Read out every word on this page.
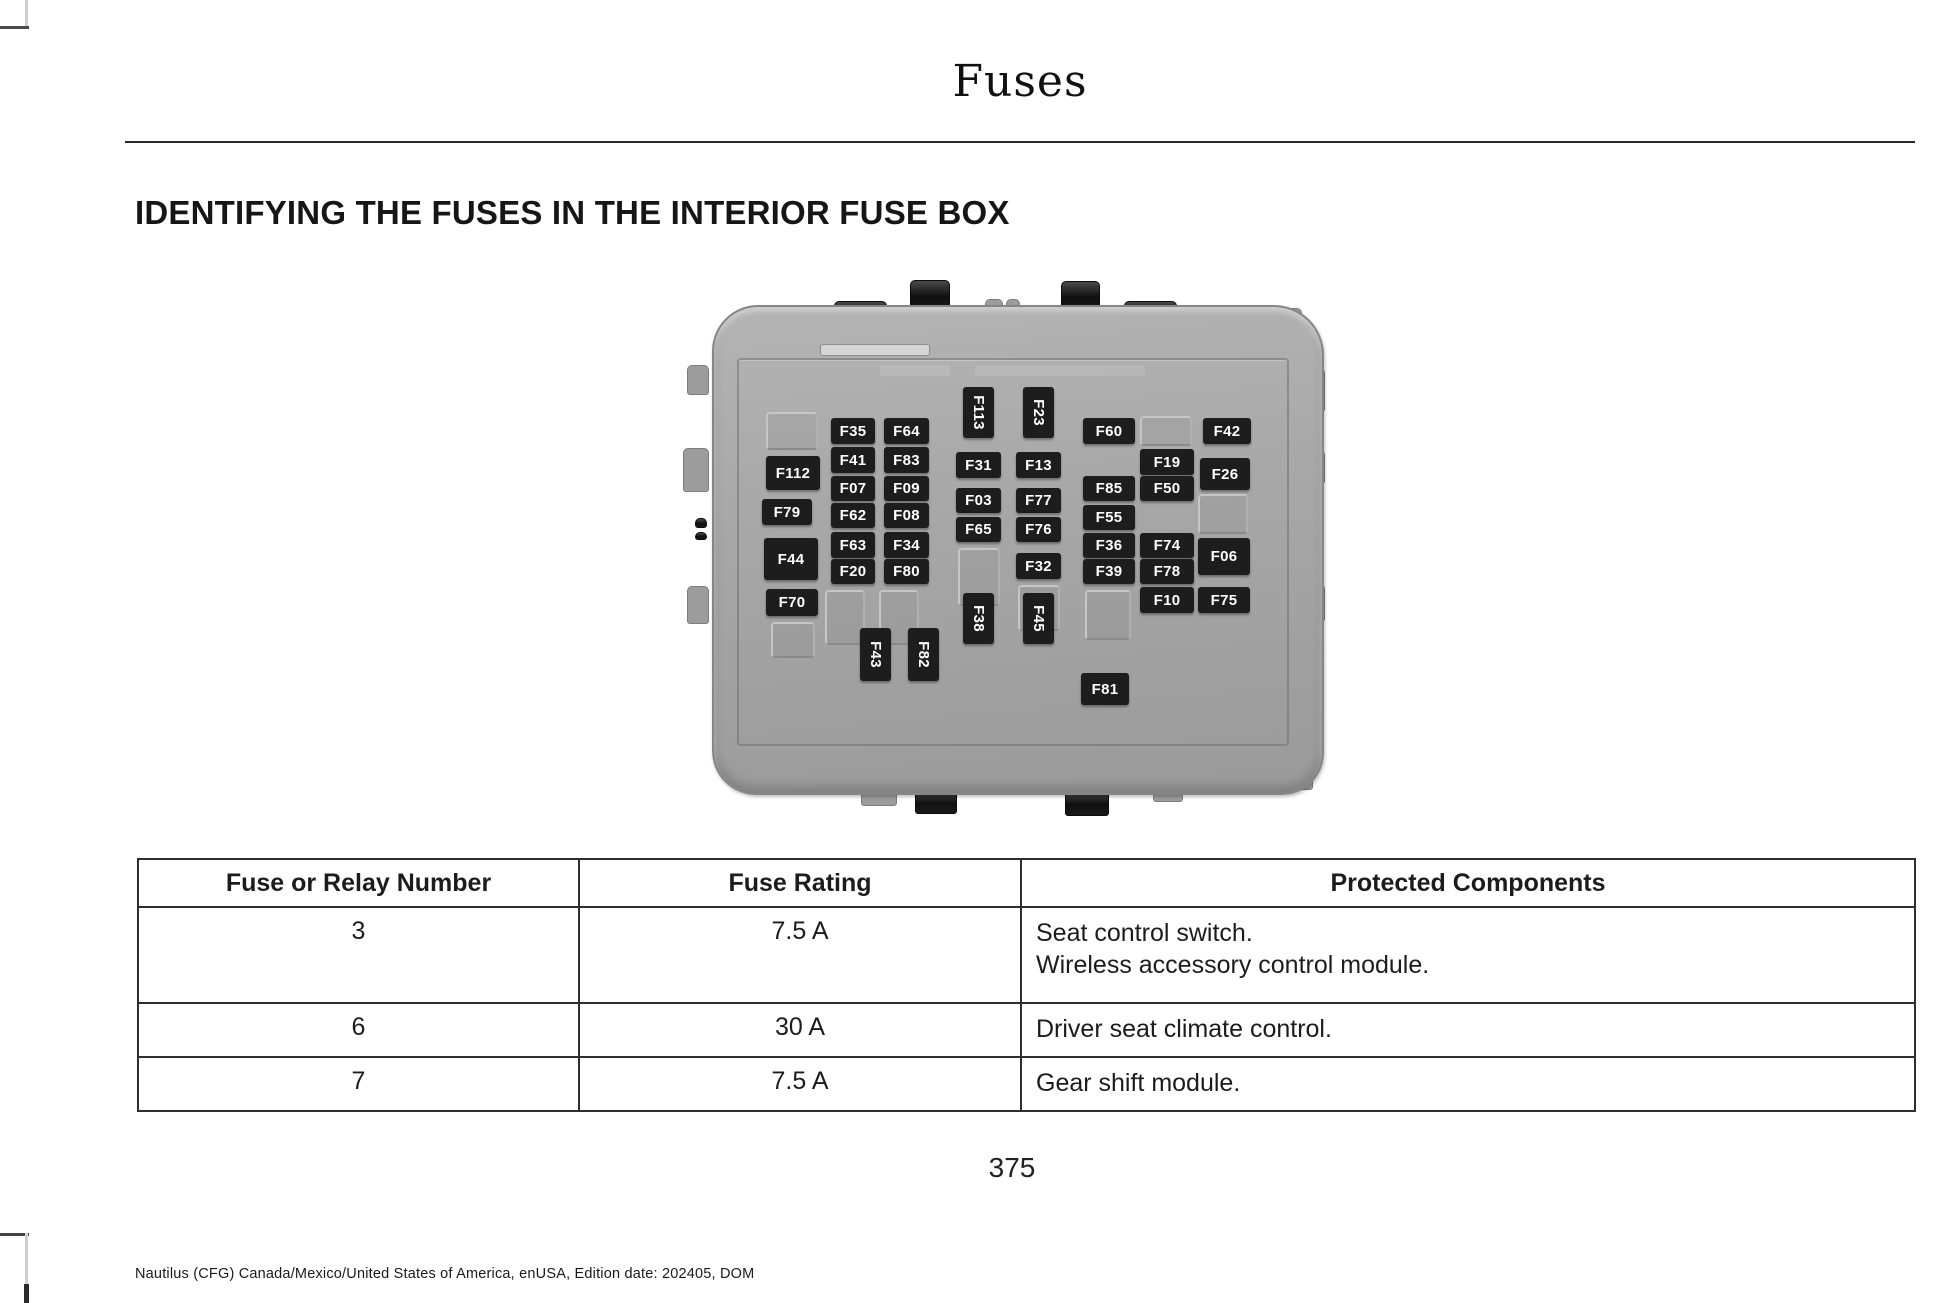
Fuses
IDENTIFYING THE FUSES IN THE INTERIOR FUSE BOX
F112
F79
F44
F70
F35 F64
F41 F83
F07 F09
F62 F08
F63 F34
F20 F80
F113	F23
F31 F13
F03 F77
F65 F76
F32
F38	F45
F43 F82
F60	F42
F19
F26
F85 F50
F55
F36 F74
F06
F39 F78
F10 F75
F81
Fuse or Relay Number	Fuse Rating	Protected Components

3	7.5 A	Seat control switch.
Wireless accessory control module.

6	30 A	Driver seat climate control.

7	7.5 A	Gear shift module.
375
Nautilus (CFG) Canada/Mexico/United States of America, enUSA, Edition date: 202405, DOM
